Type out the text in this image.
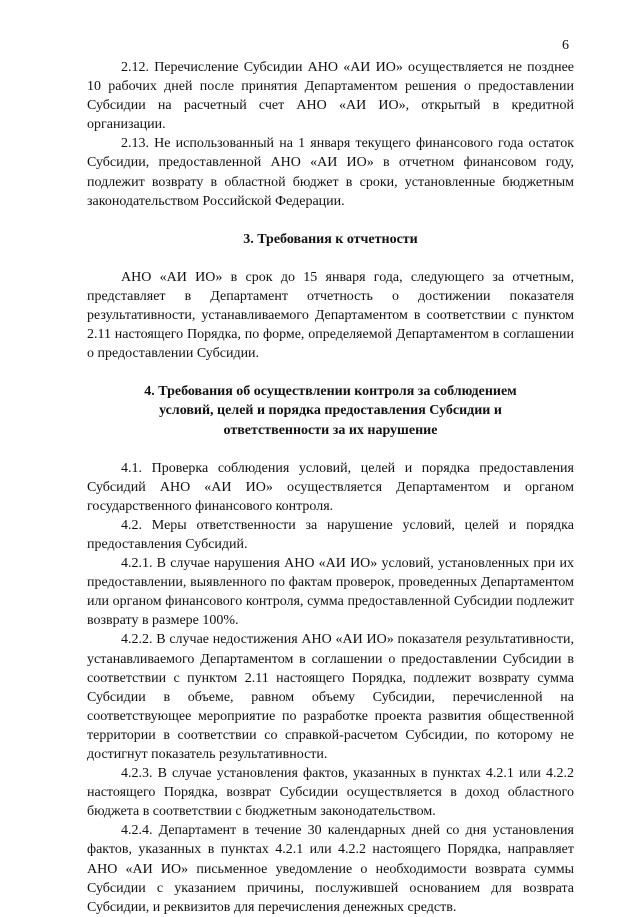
6

2.12. Перечисление Субсидии АНО «АИ ИО» осуществляется не позднее 10 рабочих дней после принятия Департаментом решения о предоставлении Субсидии на расчетный счет АНО «АИ ИО», открытый в кредитной организации.

2.13. Не использованный на 1 января текущего финансового года остаток Субсидии, предоставленной АНО «АИ ИО» в отчетном финансовом году, подлежит возврату в областной бюджет в сроки, установленные бюджетным законодательством Российской Федерации.

3. Требования к отчетности

АНО «АИ ИО» в срок до 15 января года, следующего за отчетным, представляет в Департамент отчетность о достижении показателя результативности, устанавливаемого Департаментом в соответствии с пунктом 2.11 настоящего Порядка, по форме, определяемой Департаментом в соглашении о предоставлении Субсидии.

4. Требования об осуществлении контроля за соблюдением
условий, целей и порядка предоставления Субсидии и
ответственности за их нарушение

4.1. Проверка соблюдения условий, целей и порядка предоставления Субсидий АНО «АИ ИО» осуществляется Департаментом и органом государственного финансового контроля.

4.2. Меры ответственности за нарушение условий, целей и порядка предоставления Субсидий.

4.2.1. В случае нарушения АНО «АИ ИО» условий, установленных при их предоставлении, выявленного по фактам проверок, проведенных Департаментом или органом финансового контроля, сумма предоставленной Субсидии подлежит возврату в размере 100%.

4.2.2. В случае недостижения АНО «АИ ИО» показателя результативности, устанавливаемого Департаментом в соглашении о предоставлении Субсидии в соответствии с пунктом 2.11 настоящего Порядка, подлежит возврату сумма Субсидии в объеме, равном объему Субсидии, перечисленной на соответствующее мероприятие по разработке проекта развития общественной территории в соответствии со справкой-расчетом Субсидии, по которому не достигнут показатель результативности.

4.2.3. В случае установления фактов, указанных в пунктах 4.2.1 или 4.2.2 настоящего Порядка, возврат Субсидии осуществляется в доход областного бюджета в соответствии с бюджетным законодательством.

4.2.4. Департамент в течение 30 календарных дней со дня установления фактов, указанных в пунктах 4.2.1 или 4.2.2 настоящего Порядка, направляет АНО «АИ ИО» письменное уведомление о необходимости возврата суммы Субсидии с указанием причины, послужившей основанием для возврата Субсидии, и реквизитов для перечисления денежных средств.
